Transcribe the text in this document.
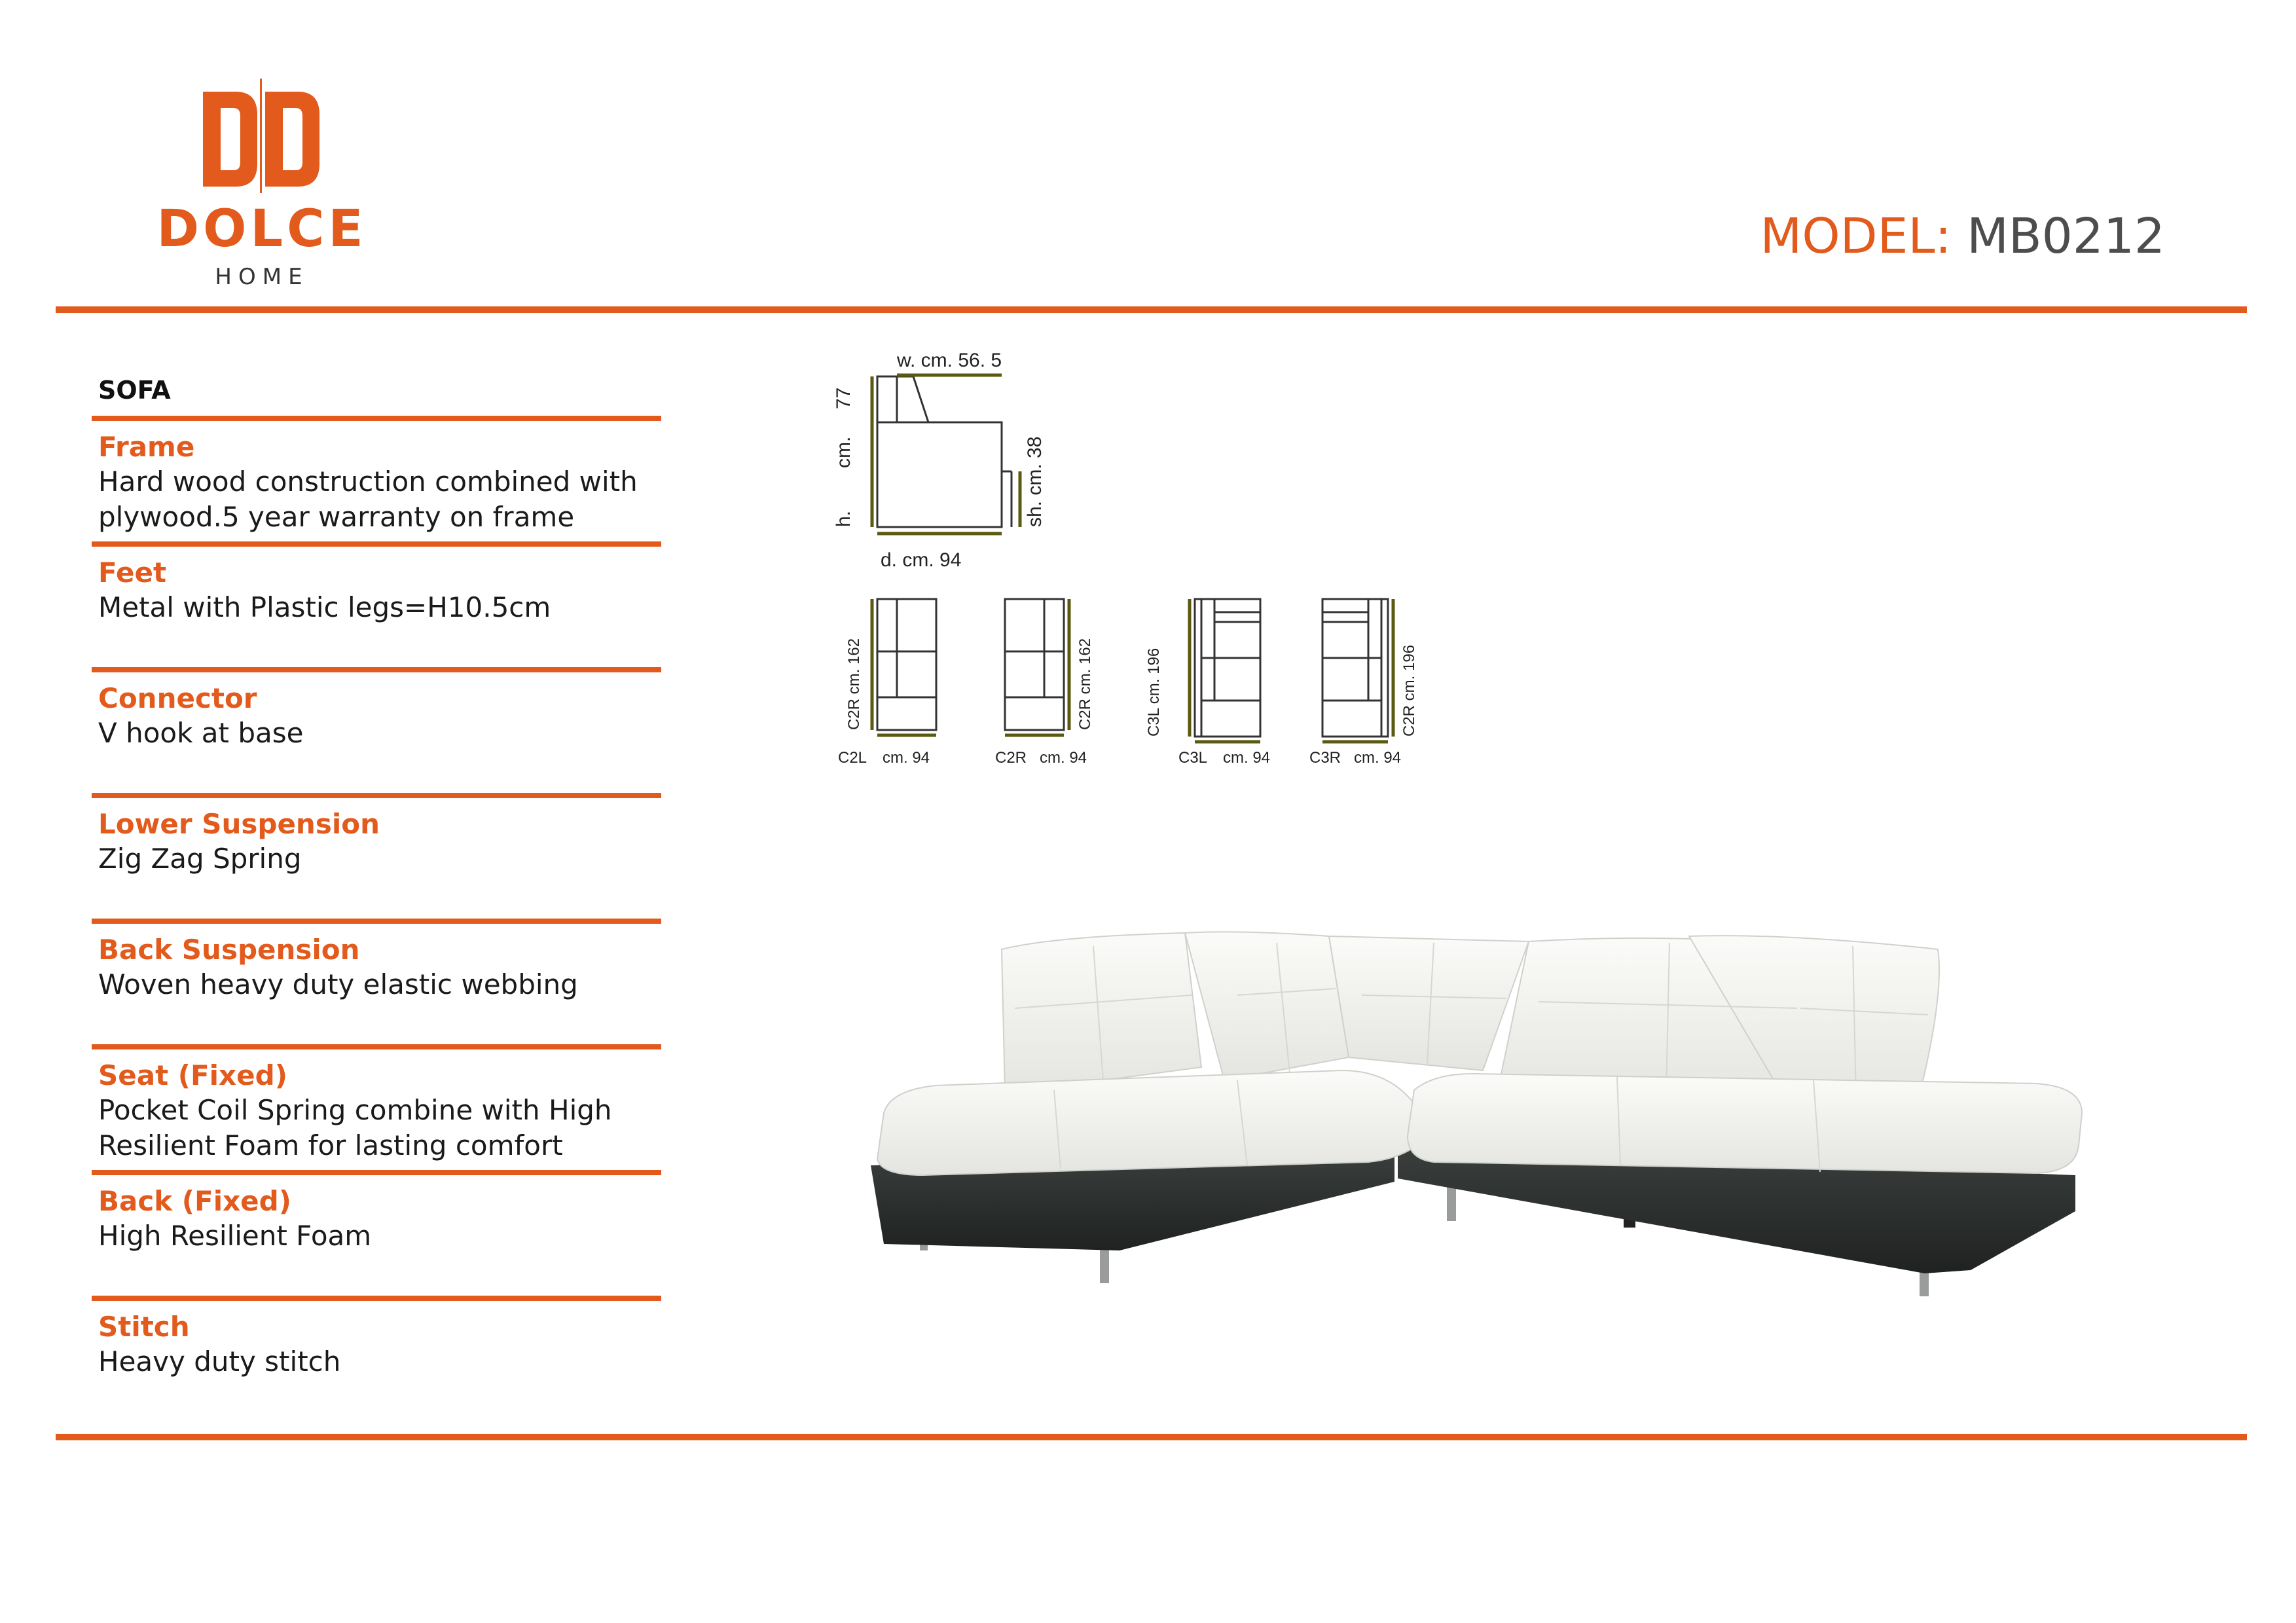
DOLCE
HOME
MODEL: MB0212
SOFA
Frame
Hard wood construction combined with
plywood.5 year warranty on frame
Feet
Metal with Plastic legs=H10.5cm
Connector
V hook at base
Lower Suspension
Zig Zag Spring
Back Suspension
Woven heavy duty elastic webbing
Seat (Fixed)
Pocket Coil Spring combine with High
Resilient Foam for lasting comfort
Back (Fixed)
High Resilient Foam
Stitch
Heavy duty stitch
w. cm. 56. 5
h.
cm.
77
sh. cm. 38
d. cm. 94
C2R cm. 162
C2L cm. 94
C2R cm. 162
C2R cm. 94
C3L cm. 196
C3L cm. 94
C2R cm. 196
C3R cm. 94
